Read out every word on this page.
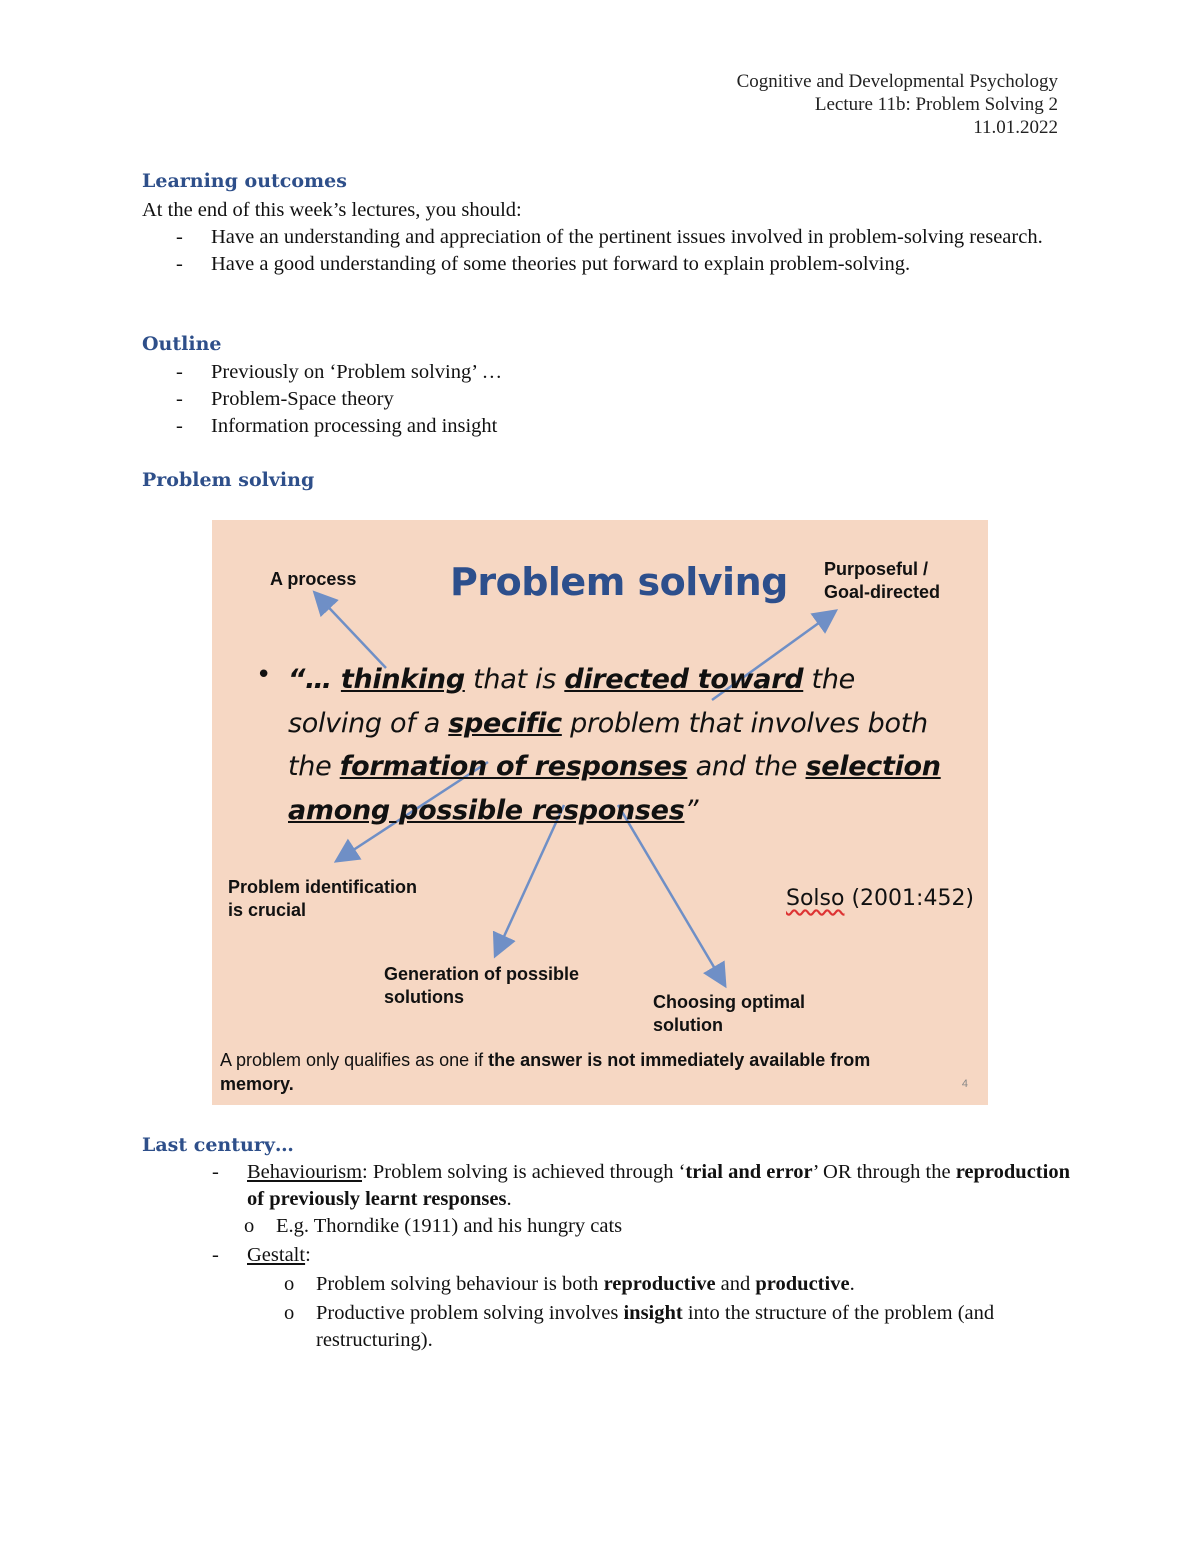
Cognitive and Developmental Psychology
Lecture 11b: Problem Solving 2
11.01.2022
Learning outcomes
At the end of this week’s lectures, you should:
- Have an understanding and appreciation of the pertinent issues involved in problem-solving research.
- Have a good understanding of some theories put forward to explain problem-solving.
Outline
- Previously on ‘Problem solving’ …
- Problem-Space theory
- Information processing and insight
Problem solving
Problem solving
A process	Purposeful /
Goal-directed
• “… thinking that is directed toward the solving of a specific problem that involves both the formation of responses and the selection among possible responses”
Problem identification
is crucial	Solso (2001:452)
Generation of possible
solutions	Choosing optimal
solution
A problem only qualifies as one if the answer is not immediately available from memory.	4
Last century…
- Behaviourism: Problem solving is achieved through ‘trial and error’ OR through the reproduction of previously learnt responses.
o E.g. Thorndike (1911) and his hungry cats
- Gestalt:
o Problem solving behaviour is both reproductive and productive.
o Productive problem solving involves insight into the structure of the problem (and restructuring).
